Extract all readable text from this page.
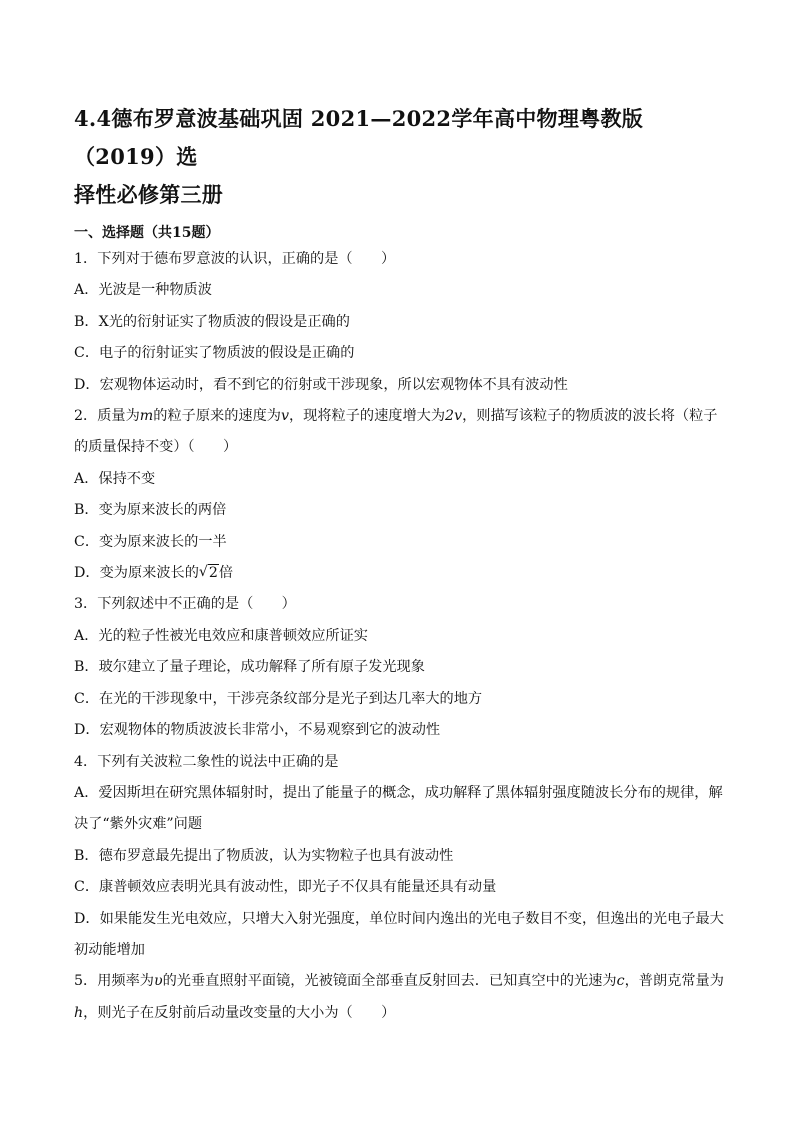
4.4德布罗意波基础巩固 2021—2022学年高中物理粤教版（2019）选
择性必修第三册
一、选择题（共15题）
1．下列对于德布罗意波的认识，正确的是（　　）
A．光波是一种物质波
B．X光的衍射证实了物质波的假设是正确的
C．电子的衍射证实了物质波的假设是正确的
D．宏观物体运动时，看不到它的衍射或干涉现象，所以宏观物体不具有波动性
2．质量为m的粒子原来的速度为v，现将粒子的速度增大为2v，则描写该粒子的物质波的波长将（粒子
的质量保持不变）（　　）
A．保持不变
B．变为原来波长的两倍
C．变为原来波长的一半
D．变为原来波长的√ 2倍
3．下列叙述中不正确的是（　　）
A．光的粒子性被光电效应和康普顿效应所证实
B．玻尔建立了量子理论，成功解释了所有原子发光现象
C．在光的干涉现象中，干涉亮条纹部分是光子到达几率大的地方
D．宏观物体的物质波波长非常小，不易观察到它的波动性
4．下列有关波粒二象性的说法中正确的是
A．爱因斯坦在研究黑体辐射时，提出了能量子的概念，成功解释了黑体辐射强度随波长分布的规律，解
决了“紫外灾难”问题
B．德布罗意最先提出了物质波，认为实物粒子也具有波动性
C．康普顿效应表明光具有波动性，即光子不仅具有能量还具有动量
D．如果能发生光电效应，只增大入射光强度，单位时间内逸出的光电子数目不变，但逸出的光电子最大
初动能增加
5．用频率为υ的光垂直照射平面镜，光被镜面全部垂直反射回去．已知真空中的光速为c，普朗克常量为
h，则光子在反射前后动量改变量的大小为（　　）
